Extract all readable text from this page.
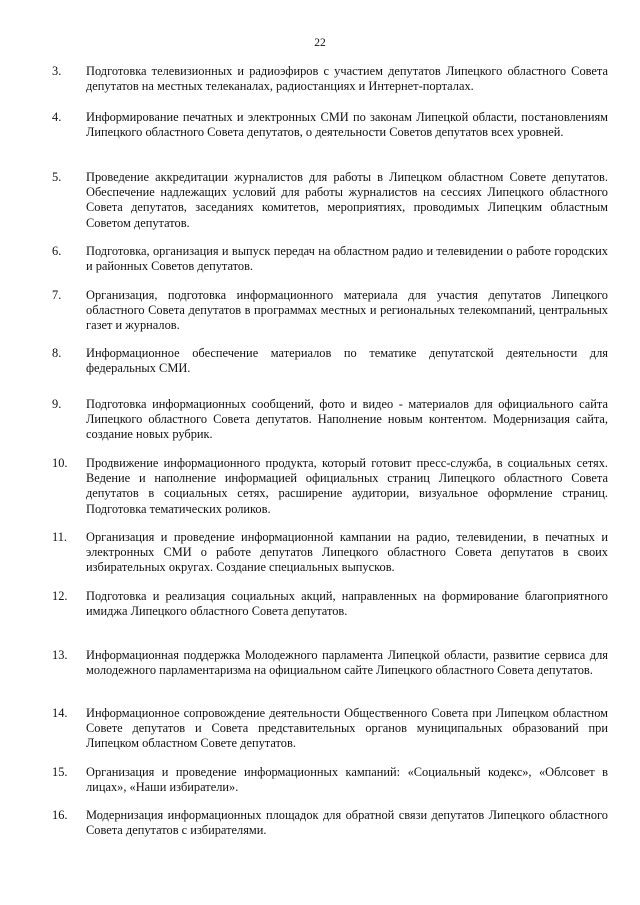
22
3.	Подготовка телевизионных и радиоэфиров с участием депутатов Липецкого областного Совета депутатов на местных телеканалах, радиостанциях и Интернет-порталах.
4.	Информирование печатных и электронных СМИ по законам Липецкой области, постановлениям Липецкого областного Совета депутатов, о деятельности Советов депутатов всех уровней.
5.	Проведение аккредитации журналистов для работы в Липецком областном Совете депутатов. Обеспечение надлежащих условий для работы журналистов на сессиях Липецкого областного Совета депутатов, заседаниях комитетов, мероприятиях, проводимых Липецким областным Советом депутатов.
6.	Подготовка, организация и выпуск передач на областном радио и телевидении о работе городских и районных Советов депутатов.
7.	Организация, подготовка информационного материала для участия депутатов Липецкого областного Совета депутатов в программах местных и региональных телекомпаний, центральных газет и журналов.
8.	Информационное обеспечение материалов по тематике депутатской деятельности для федеральных СМИ.
9.	Подготовка информационных сообщений, фото и видео - материалов для официального сайта Липецкого областного Совета депутатов. Наполнение новым контентом. Модернизация сайта, создание новых рубрик.
10.	Продвижение информационного продукта, который готовит пресс-служба, в социальных сетях. Ведение и наполнение информацией официальных страниц Липецкого областного Совета депутатов в социальных сетях, расширение аудитории, визуальное оформление страниц. Подготовка тематических роликов.
11.	Организация и проведение информационной кампании на радио, телевидении, в печатных и электронных СМИ о работе депутатов Липецкого областного Совета депутатов в своих избирательных округах. Создание специальных выпусков.
12.	Подготовка и реализация социальных акций, направленных на формирование благоприятного имиджа Липецкого областного Совета депутатов.
13.	Информационная поддержка Молодежного парламента Липецкой области, развитие сервиса для молодежного парламентаризма на официальном сайте Липецкого областного Совета депутатов.
14.	Информационное сопровождение деятельности Общественного Совета при Липецком областном Совете депутатов и Совета представительных органов муниципальных образований при Липецком областном Совете депутатов.
15.	Организация и проведение информационных кампаний: «Социальный кодекс», «Облсовет в лицах», «Наши избиратели».
16.	Модернизация информационных площадок для обратной связи депутатов Липецкого областного Совета депутатов с избирателями.
